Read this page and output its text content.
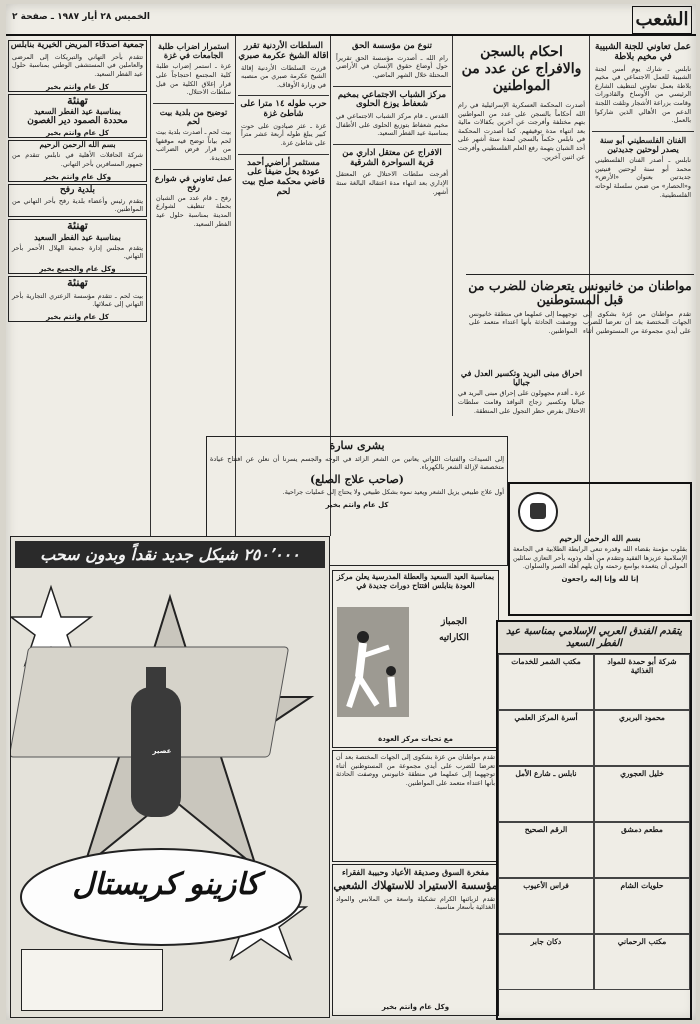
الشعب
الخميس ٢٨ أيار ١٩٨٧ ـ صفحة ٢
عمل تعاوني للجنة الشبيبة في مخيم بلاطة
نابلس ـ شارك يوم أمس لجنة الشبيبة للعمل الاجتماعي في مخيم بلاطة بعمل تعاوني لتنظيف الشارع الرئيسي من الأوساخ والقاذورات وقامت بزراعة الأشجار وتلقت اللجنة الدعم من الأهالي الذين شاركوا بالعمل.
الفنان الفلسطيني أبو سنة يصدر لوحتين جديدتين
نابلس ـ أصدر الفنان الفلسطيني محمد أبو سنة لوحتين فنيتين جديدتين بعنوان «الأرض» و«الحصار» من ضمن سلسلة لوحاته الفلسطينية.
مواطنان من خانيونس يتعرضان للضرب من قبل المستوطنين
تقدم مواطنان من غزة بشكوى إلى الجهات المختصة بعد أن تعرضا للضرب على أيدي مجموعة من المستوطنين أثناء توجههما إلى عملهما في منطقة خانيونس ووصفت الحادثة بأنها اعتداء متعمد على المواطنين.
بسم الله الرحمن الرحيم
بقلوب مؤمنة بقضاء الله وقدره تنعى الرابطة الطلابية في الجامعة الإسلامية عزيزها الفقيد وتتقدم من أهله وذويه بأحر التعازي سائلين المولى أن يتغمده بواسع رحمته وأن يلهم أهله الصبر والسلوان.
إنا لله وإنا إليه راجعون
احكام بالسجن والافراج عن عدد من المواطنين
أصدرت المحكمة العسكرية الإسرائيلية في رام الله أحكاماً بالسجن على عدد من المواطنين بتهم مختلفة وأفرجت عن آخرين بكفالات مالية بعد انتهاء مدة توقيفهم. كما أصدرت المحكمة في نابلس حكماً بالسجن لمدة ستة أشهر على أحد الشبان بتهمة رفع العلم الفلسطيني وأفرجت عن اثنين آخرين.
احراق مبنى البريد وتكسير العدل في جباليا
غزة ـ أقدم مجهولون على إحراق مبنى البريد في جباليا وتكسير زجاج النوافذ وقامت سلطات الاحتلال بفرض حظر التجول على المنطقة.
بشرى سارة
إلى السيدات والفتيات اللواتي يعانين من الشعر الزائد في الوجه والجسم يسرنا أن نعلن عن افتتاح عيادة متخصصة لإزالة الشعر بالكهرباء.
(صاحب علاج الصلع)
أول علاج طبيعي يزيل الشعر ويعيد نموه بشكل طبيعي ولا يحتاج إلى عمليات جراحية.
كل عام وانتم بخير
تنوع من مؤسسة الحق
رام الله ـ أصدرت مؤسسة الحق تقريراً حول أوضاع حقوق الإنسان في الأراضي المحتلة خلال الشهر الماضي.
مركز الشباب الاجتماعي بمخيم شعفاط يوزع الحلوى
القدس ـ قام مركز الشباب الاجتماعي في مخيم شعفاط بتوزيع الحلوى على الأطفال بمناسبة عيد الفطر السعيد.
الافراج عن معتقل اداري من قرية السواحرة الشرقية
أفرجت سلطات الاحتلال عن المعتقل الإداري بعد انتهاء مدة اعتقاله البالغة ستة أشهر.
السلطات الأردنية تقرر اقالة الشيخ عكرمة صبري
قررت السلطات الأردنية إقالة الشيخ عكرمة صبري من منصبه في وزارة الأوقاف.
حرب طوله ١٤ مترا على شاطئ غزة
غزة ـ عثر صيادون على حوت كبير يبلغ طوله أربعة عشر متراً على شاطئ غزة.
مستثمر أراضي أحمد عودة يحل ضيفاً على قاضي محكمة صلح بيت لحم
استمرار اضراب طلبة الجامعات في غزة
غزة ـ استمر إضراب طلبة كلية المجتمع احتجاجاً على قرار إغلاق الكلية من قبل سلطات الاحتلال.
توضيح من بلدية بيت لحم
بيت لحم ـ أصدرت بلدية بيت لحم بياناً توضح فيه موقفها من قرار فرض الضرائب الجديدة.
عمل تعاوني في شوارع رفح
رفح ـ قام عدد من الشبان بحملة تنظيف لشوارع المدينة بمناسبة حلول عيد الفطر السعيد.
جمعية اصدقاء المريض الخيرية بنابلس
تتقدم بأحر التهاني والتبريكات إلى المرضى والعاملين في المستشفى الوطني بمناسبة حلول عيد الفطر السعيد.
كل عام وانتم بخير
تهنئة
بمناسبة عيد الفطر السعيد
محددة الصمود دير الغصون
كل عام وانتم بخير
بسم الله الرحمن الرحيم
شركة الحافلات الأهلية في نابلس تتقدم من جمهور المسافرين بأحر التهاني.
وكل عام وانتم بخير
بلدية رفح
يتقدم رئيس وأعضاء بلدية رفح بأحر التهاني من المواطنين.
تهنئة
بمناسبة عيد الفطر السعيد
يتقدم مجلس إدارة جمعية الهلال الأحمر بأحر التهاني.
وكل عام والجميع بخير
تهنئة
بيت لحم ـ تتقدم مؤسسة الزعتري التجارية بأحر التهاني إلى عملائها.
كل عام وانتم بخير
٢٥٠٬٠٠٠ شيكل جديد نقداً وبدون سحب
عصير
كازينو كريستال
بمناسبة العيد السعيد والعطلة المدرسية يعلن مركز العودة بنابلس افتتاح دورات جديدة في
الجمباز
الكاراتيه
مع تحيات مركز العودة
تقدم مواطنان من غزة بشكوى إلى الجهات المختصة بعد أن تعرضا للضرب على أيدي مجموعة من المستوطنين أثناء توجههما إلى عملهما في منطقة خانيونس ووصفت الحادثة بأنها اعتداء متعمد على المواطنين.
مفخرة السوق وصديقة الأعياد وحبيبة الفقراء
مؤسسة الاستيراد للاستهلاك الشعبي
تقدم لزبائنها الكرام تشكيلة واسعة من الملابس والمواد الغذائية بأسعار مناسبة.
وكل عام وانتم بخير
يتقدم الفندق العربي الإسلامي بمناسبة عيد الفطر السعيد
شركة أبو حمدة للمواد الغذائية
مكتب الشمر للخدمات
محمود البربري
أسرة المركز العلمي
خليل العجوري
نابلس ـ شارع الأمل
مطعم دمشق
الرقم الصحيح
حلويات الشام
فراس الأعيوب
مكتب الرحماني
دكان جابر
